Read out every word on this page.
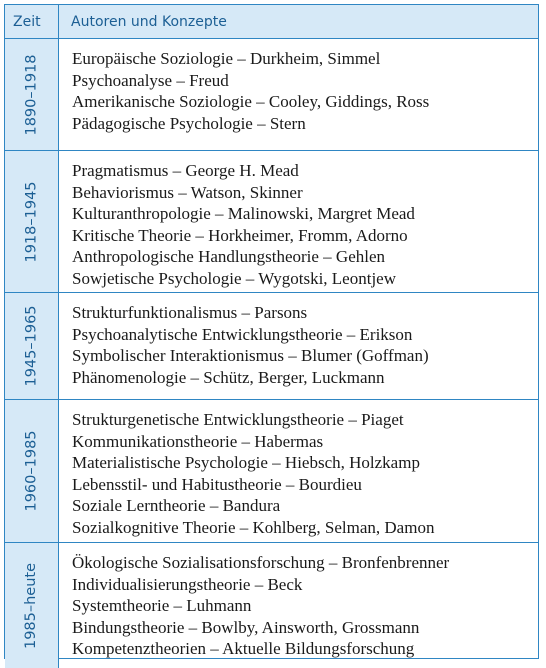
Zeit	Autoren und Konzepte
1890–1918 Europäische Soziologie – Durkheim, Simmel
Psychoanalyse – Freud
Amerikanische Soziologie – Cooley, Giddings, Ross
Pädagogische Psychologie – Stern
1918–1945
Pragmatismus – George H. Mead
Behaviorismus – Watson, Skinner
Kulturanthropologie – Malinowski, Margret Mead
Kritische Theorie – Horkheimer, Fromm, Adorno
Anthropologische Handlungstheorie – Gehlen
Sowjetische Psychologie – Wygotski, Leontjew
1945–1965 Strukturfunktionalismus – Parsons
Psychoanalytische Entwicklungstheorie – Erikson
Symbolischer Interaktionismus – Blumer (Goffman)
Phänomenologie – Schütz, Berger, Luckmann
1960–1985
Strukturgenetische Entwicklungstheorie – Piaget
Kommunikationstheorie – Habermas
Materialistische Psychologie – Hiebsch, Holzkamp
Lebensstil- und Habitustheorie – Bourdieu
Soziale Lerntheorie – Bandura
Sozialkognitive Theorie – Kohlberg, Selman, Damon
1985–heute Ökologische Sozialisationsforschung – Bronfenbrenner
Individualisierungstheorie – Beck
Systemtheorie – Luhmann
Bindungstheorie – Bowlby, Ainsworth, Grossmann
Kompetenztheorien – Aktuelle Bildungsforschung
